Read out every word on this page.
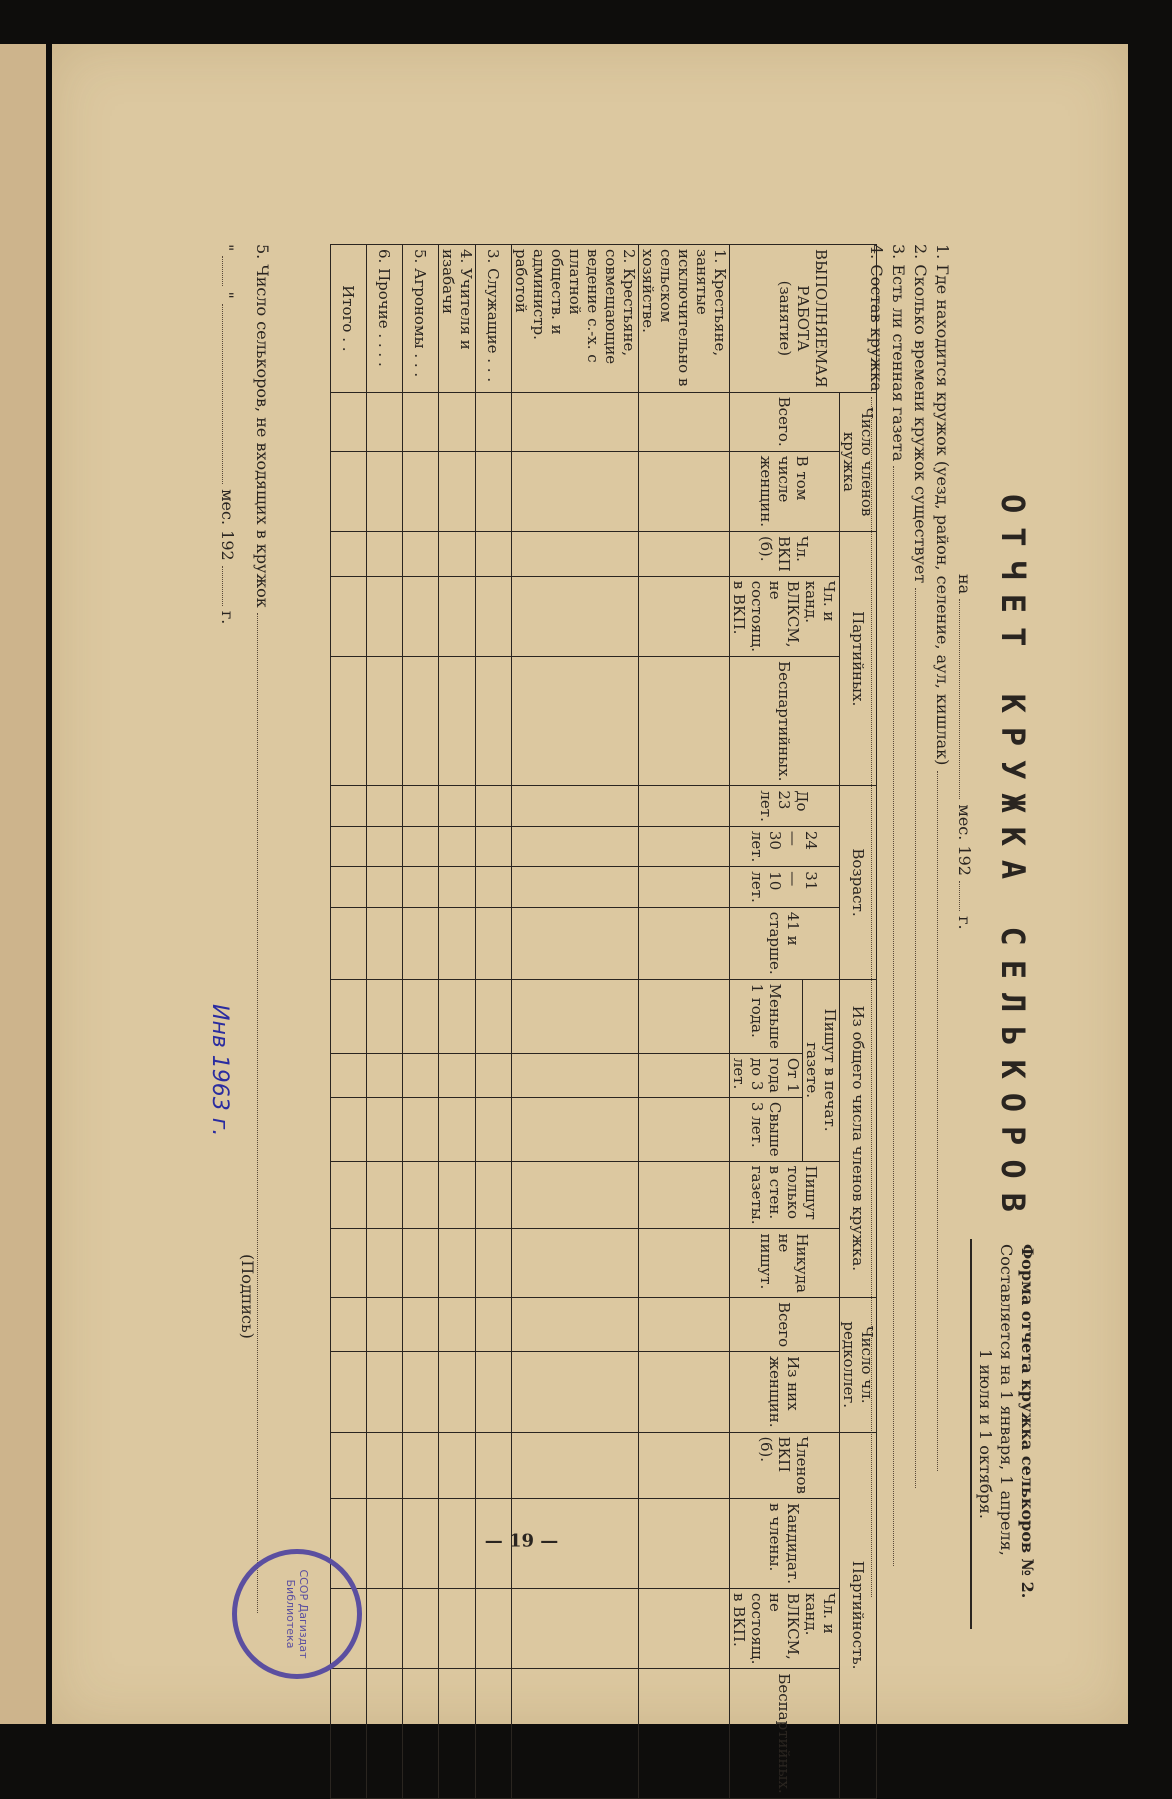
ОТЧЕТ КРУЖКА СЕЛЬКОРОВ
Форма отчета кружка селькоров № 2.
Составляется на 1 января, 1 апреля,
1 июля и 1 октября.
на  мес. 192  г.
1. Где находится кружок (уезд, район, селение, аул, кишлак)
2. Сколько времени кружок существует
3. Есть ли стенная газета
4. Состав кружка
ВЫПОЛНЯЕМАЯ РАБОТА
(занятие)	Число членов кружка		Партийных.			Возраст.				Из общего числа членов кружка.					Число чл. редколлег.		Партийность.			
	Всего.	В том числе женщин.	Чл. ВКП (б).	Чл. и канд. ВЛКСМ, не состоящ. в ВКП.	Беспартийных.	До 23 лет.	24—30 лет.	31—10 лет.	41 и старше.	Пишут в печат. газете.			Пишут только в стен. газеты.	Никуда не пишут.	Всего	Из них женщин.	Членов ВКП (б).	Кандидат. в члены.	Чл. и канд. ВЛКСМ, не состоящ. в ВКП.	Беспартийных.
										Меньше 1 года.	От 1 года до 3 лет.	Свыше 3 лет.								
1. Крестьяне, занятые исключительно в сельском хозяйстве.																				
2. Крестьяне, совмещающие ведение с.-х. с платной обществ. и администр. работой																				
3. Служащие . . .																				
4. Учителя и изабачи																				
5. Агрономы . . .																				
6. Прочие . . . .																				
Итого . .																				
5. Число селькоров, не входящих в кружок
"  "  мес. 192  г.
(Подпись)
— 19 —
ССОР Дагиздат Библиотека
Инв 1963 г.
